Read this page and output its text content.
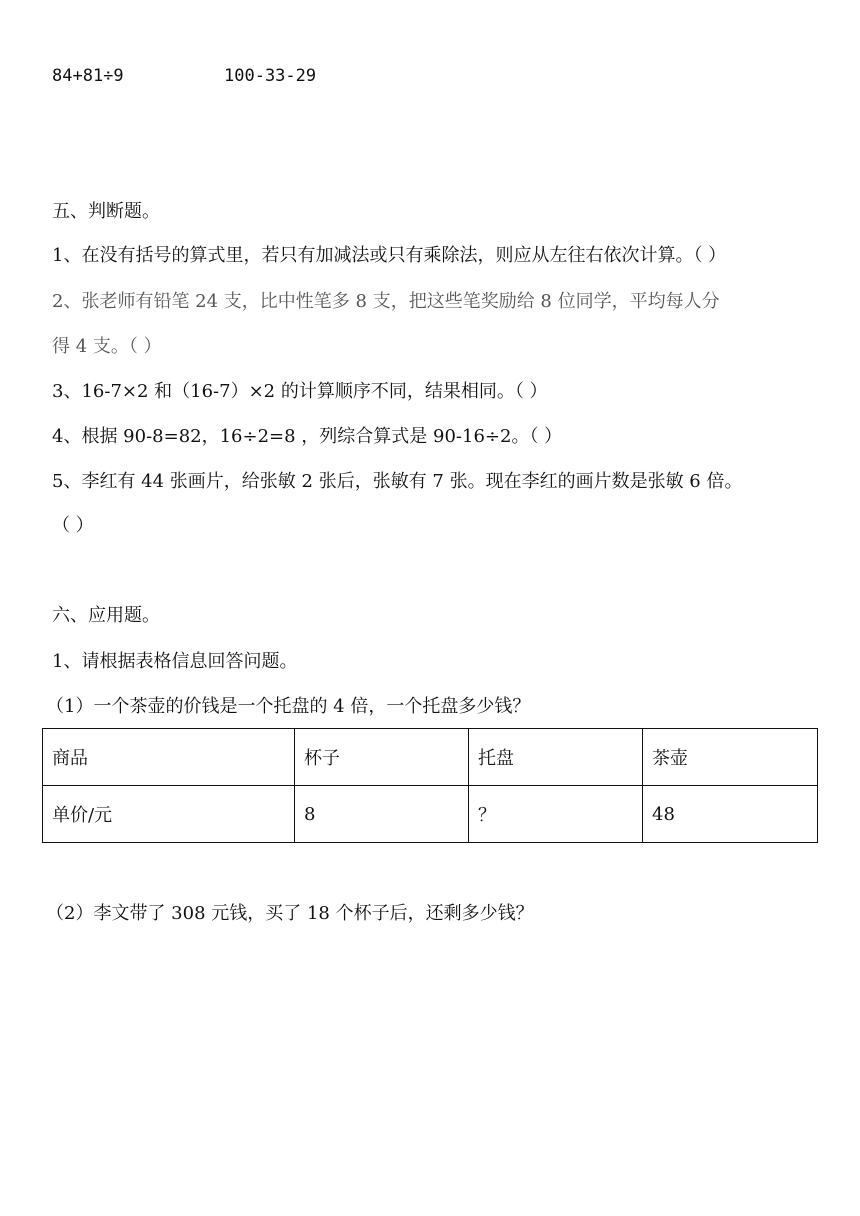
84+81÷9	100-33-29
五、判断题。
1、在没有括号的算式里，若只有加减法或只有乘除法，则应从左往右依次计算。（ ）
2、张老师有铅笔 24 支，比中性笔多 8 支，把这些笔奖励给 8 位同学，平均每人分
得 4 支。（ ）
3、16-7×2 和（16-7）×2 的计算顺序不同，结果相同。（ ）
4、根据 90-8=82，16÷2=8 ，列综合算式是 90-16÷2。（ ）
5、李红有 44 张画片，给张敏 2 张后，张敏有 7 张。现在李红的画片数是张敏 6 倍。
（ ）
六、应用题。
1、请根据表格信息回答问题。
（1）一个茶壶的价钱是一个托盘的 4 倍，一个托盘多少钱？
商品	杯子	托盘	茶壶
单价/元	8	？	48
（2）李文带了 308 元钱，买了 18 个杯子后，还剩多少钱？
